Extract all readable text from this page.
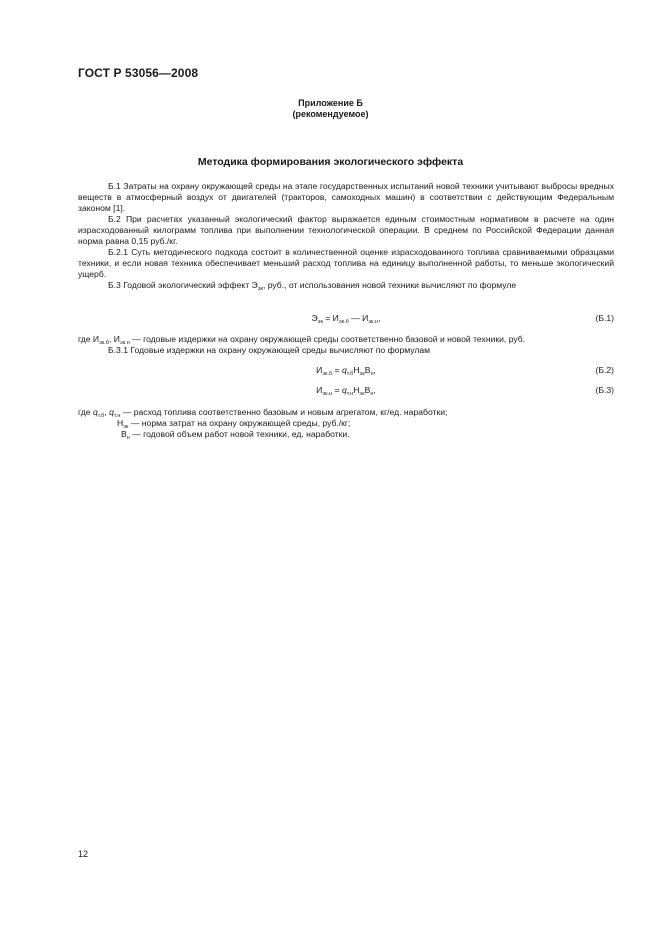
ГОСТ Р 53056—2008
Приложение Б
(рекомендуемое)
Методика формирования экологического эффекта

Б.1 Затраты на охрану окружающей среды на этапе государственных испытаний новой техники учитывают выбросы вредных веществ в атмосферный воздух от двигателей (тракторов, самоходных машин) в соответствии с действующим Федеральным законом [1].

Б.2 При расчетах указанный экологический фактор выражается единым стоимостным нормативом в расчете на один израсходованный килограмм топлива при выполнении технологической операции. В среднем по Российской Федерации данная норма равна 0,15 руб./кг.

Б.2.1 Суть методического подхода состоит в количественной оценке израсходованного топлива сравниваемыми образцами техники, и если новая техника обеспечивает меньший расход топлива на единицу выполненной работы, то меньше экологический ущерб.

Б.3 Годовой экологический эффект $Э_{эк}$, руб., от использования новой техники вычисляют по формуле

$Э_{эк} = И_{эк.б}$ — $И_{эк.н}$,	(Б.1)
где $И_{эк.б}$, $И_{эк.н}$ — годовые издержки на охрану окружающей среды соответственно базовой и новой техники, руб.
Б.3.1 Годовые издержки на охрану окружающей среды вычисляют по формулам
$И_{эк.б} = q_{т.б}Н_{эк}В_н$,	(Б.2)
$И_{эк.н} = q_{т.н}Н_{эк}В_н$,	(Б.3)
где $q_{т.б}$, $q_{т.н}$ — расход топлива соответственно базовым и новым агрегатом, кг/ед. наработки;
$Н_{эк}$ — норма затрат на охрану окружающей среды, руб./кг;
$В_н$ — годовой объем работ новой техники, ед. наработки.
12
